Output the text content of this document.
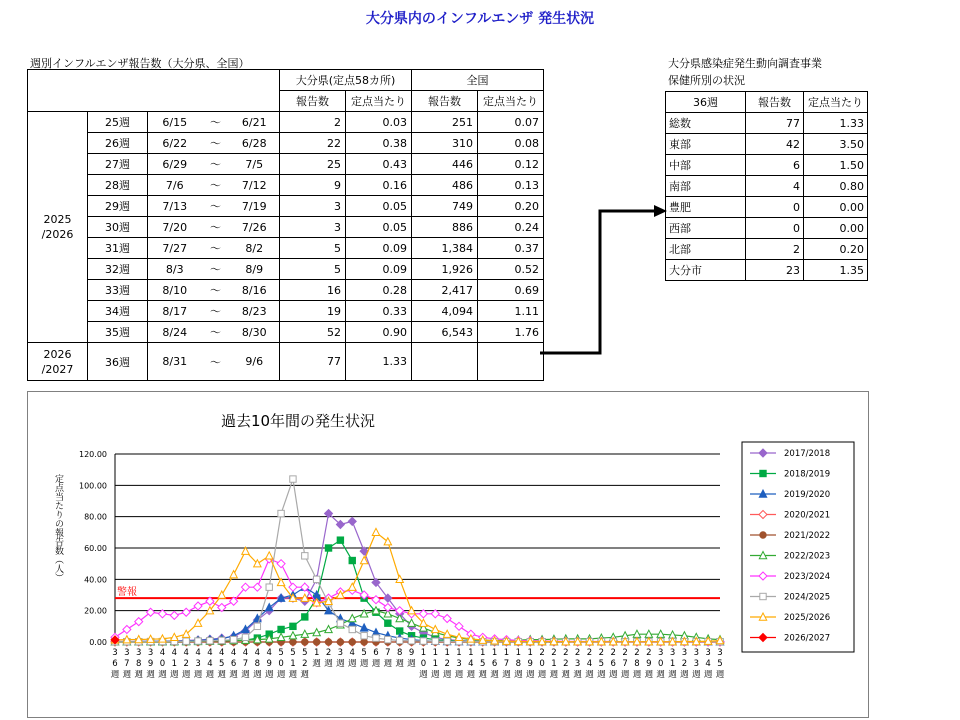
大分県内のインフルエンザ 発生状況
週別インフルエンザ報告数（大分県、全国）
					大分県(定点58カ所)		全国	
					報告数	定点当たり	報告数	定点当たり
2025
/2026	25週	6/15	～	6/21	2	0.03	251	0.07
	26週	6/22	～	6/28	22	0.38	310	0.08
	27週	6/29	～	7/5	25	0.43	446	0.12
	28週	7/6	～	7/12	9	0.16	486	0.13
	29週	7/13	～	7/19	3	0.05	749	0.20
	30週	7/20	～	7/26	3	0.05	886	0.24
	31週	7/27	～	8/2	5	0.09	1,384	0.37
	32週	8/3	～	8/9	5	0.09	1,926	0.52
	33週	8/10	～	8/16	16	0.28	2,417	0.69
	34週	8/17	～	8/23	19	0.33	4,094	1.11
	35週	8/24	～	8/30	52	0.90	6,543	1.76
2026
/2027	36週	8/31	～	9/6	77	1.33		
大分県感染症発生動向調査事業
保健所別の状況
36週	報告数	定点当たり
総数	77	1.33
東部	42	3.50
中部	6	1.50
南部	4	0.80
豊肥	0	0.00
西部	0	0.00
北部	2	0.20
大分市	23	1.35
過去10年間の発生状況
0.00
20.00
40.00
60.00
80.00
100.00
120.00
定点当たりの報告数（人）
警報
3 6 週
3 7 週
3 8 週
3 9 週
4 0 週
4 1 週
4 2 週
4 3 週
4 4 週
4 5 週
4 6 週
4 7 週
4 8 週
4 9 週
5 0 週
5 1 週
5 2 週
1 週
2 週
3 週
4 週
5 週
6 週
7 週
8 週
9 週
1 0 週
1 1 週
1 2 週
1 3 週
1 4 週
1 5 週
1 6 週
1 7 週
1 8 週
1 9 週
2 0 週
2 1 週
2 2 週
2 3 週
2 4 週
2 5 週
2 6 週
2 7 週
2 8 週
2 9 週
3 0 週
3 1 週
3 2 週
3 3 週
3 4 週
3 5 週
2017/2018
2018/2019
2019/2020
2020/2021
2021/2022
2022/2023
2023/2024
2024/2025
2025/2026
2026/2027
